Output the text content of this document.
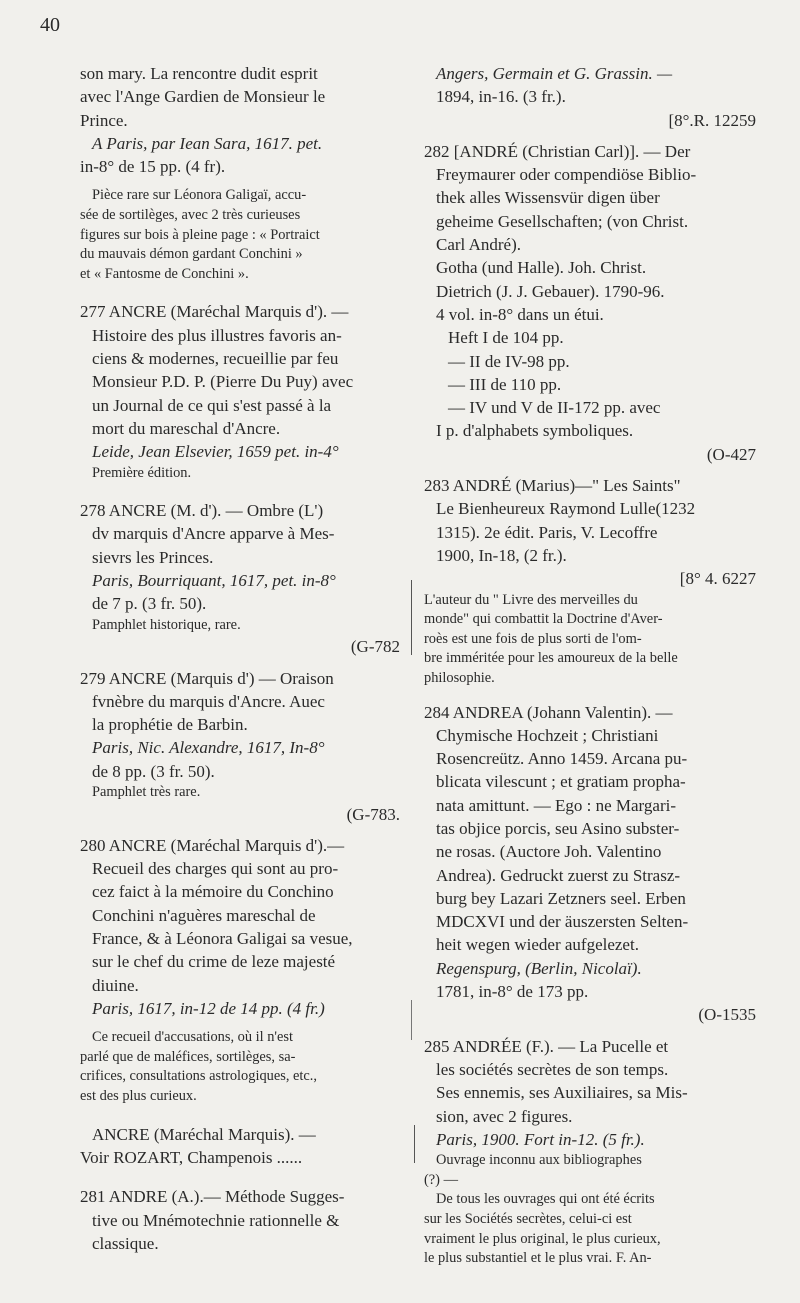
40
son mary. La rencontre dudit esprit
avec l'Ange Gardien de Monsieur le
Prince.
A Paris, par Iean Sara, 1617. pet.
in-8° de 15 pp. (4 fr).
Pièce rare sur Léonora Galigaï, accu-
sée de sortilèges, avec 2 très curieuses
figures sur bois à pleine page : « Portraict
du mauvais démon gardant Conchini »
et « Fantosme de Conchini ».
277 ANCRE (Maréchal Marquis d'). —
Histoire des plus illustres favoris an-
ciens & modernes, recueillie par feu
Monsieur P.D. P. (Pierre Du Puy) avec
un Journal de ce qui s'est passé à la
mort du mareschal d'Ancre.
Leide, Jean Elsevier, 1659 pet. in-4°
Première édition.
278 ANCRE (M. d'). — Ombre (L')
dv marquis d'Ancre apparve à Mes-
sievrs les Princes.
Paris, Bourriquant, 1617, pet. in-8°
de 7 p. (3 fr. 50).
Pamphlet historique, rare.
(G-782
279 ANCRE (Marquis d') — Oraison
fvnèbre du marquis d'Ancre. Auec
la prophétie de Barbin.
Paris, Nic. Alexandre, 1617, In-8°
de 8 pp. (3 fr. 50).
Pamphlet très rare.
(G-783.
280 ANCRE (Maréchal Marquis d').—
Recueil des charges qui sont au pro-
cez faict à la mémoire du Conchino
Conchini n'aguères mareschal de
France, & à Léonora Galigai sa vesue,
sur le chef du crime de leze majesté
diuine.
Paris, 1617, in-12 de 14 pp. (4 fr.)
Ce recueil d'accusations, où il n'est
parlé que de maléfices, sortilèges, sa-
crifices, consultations astrologiques, etc.,
est des plus curieux.
ANCRE (Maréchal Marquis). —
Voir ROZART, Champenois ......
281 ANDRE (A.).— Méthode Sugges-
tive ou Mnémotechnie rationnelle &
classique.
Angers, Germain et G. Grassin. —
1894, in-16. (3 fr.).
[8°.R. 12259
282 [ANDRÉ (Christian Carl)]. — Der
Freymaurer oder compendiöse Biblio-
thek alles Wissensvür digen über
geheime Gesellschaften; (von Christ.
Carl André).
Gotha (und Halle). Joh. Christ.
Dietrich (J. J. Gebauer). 1790-96.
4 vol. in-8° dans un étui.
Heft I de 104 pp.
— II de IV-98 pp.
— III de 110 pp.
— IV und V de II-172 pp. avec
I p. d'alphabets symboliques.
(O-427
283 ANDRÉ (Marius)—" Les Saints"
Le Bienheureux Raymond Lulle(1232
1315). 2e édit. Paris, V. Lecoffre
1900, In-18, (2 fr.).
[8° 4. 6227
L'auteur du " Livre des merveilles du
monde" qui combattit la Doctrine d'Aver-
roès est une fois de plus sorti de l'om-
bre imméritée pour les amoureux de la belle
philosophie.
284 ANDREA (Johann Valentin). —
Chymische Hochzeit ; Christiani
Rosencreütz. Anno 1459. Arcana pu-
blicata vilescunt ; et gratiam propha-
nata amittunt. — Ego : ne Margari-
tas objice porcis, seu Asino subster-
ne rosas. (Auctore Joh. Valentino
Andrea). Gedruckt zuerst zu Strasz-
burg bey Lazari Zetzners seel. Erben
MDCXVI und der äuszersten Selten-
heit wegen wieder aufgelezet.
Regenspurg, (Berlin, Nicolaï).
1781, in-8° de 173 pp.
(O-1535
285 ANDRÉE (F.). — La Pucelle et
les sociétés secrètes de son temps.
Ses ennemis, ses Auxiliaires, sa Mis-
sion, avec 2 figures.
Paris, 1900. Fort in-12. (5 fr.).
Ouvrage inconnu aux bibliographes
(?) —
De tous les ouvrages qui ont été écrits
sur les Sociétés secrètes, celui-ci est
vraiment le plus original, le plus curieux,
le plus substantiel et le plus vrai. F. An-
